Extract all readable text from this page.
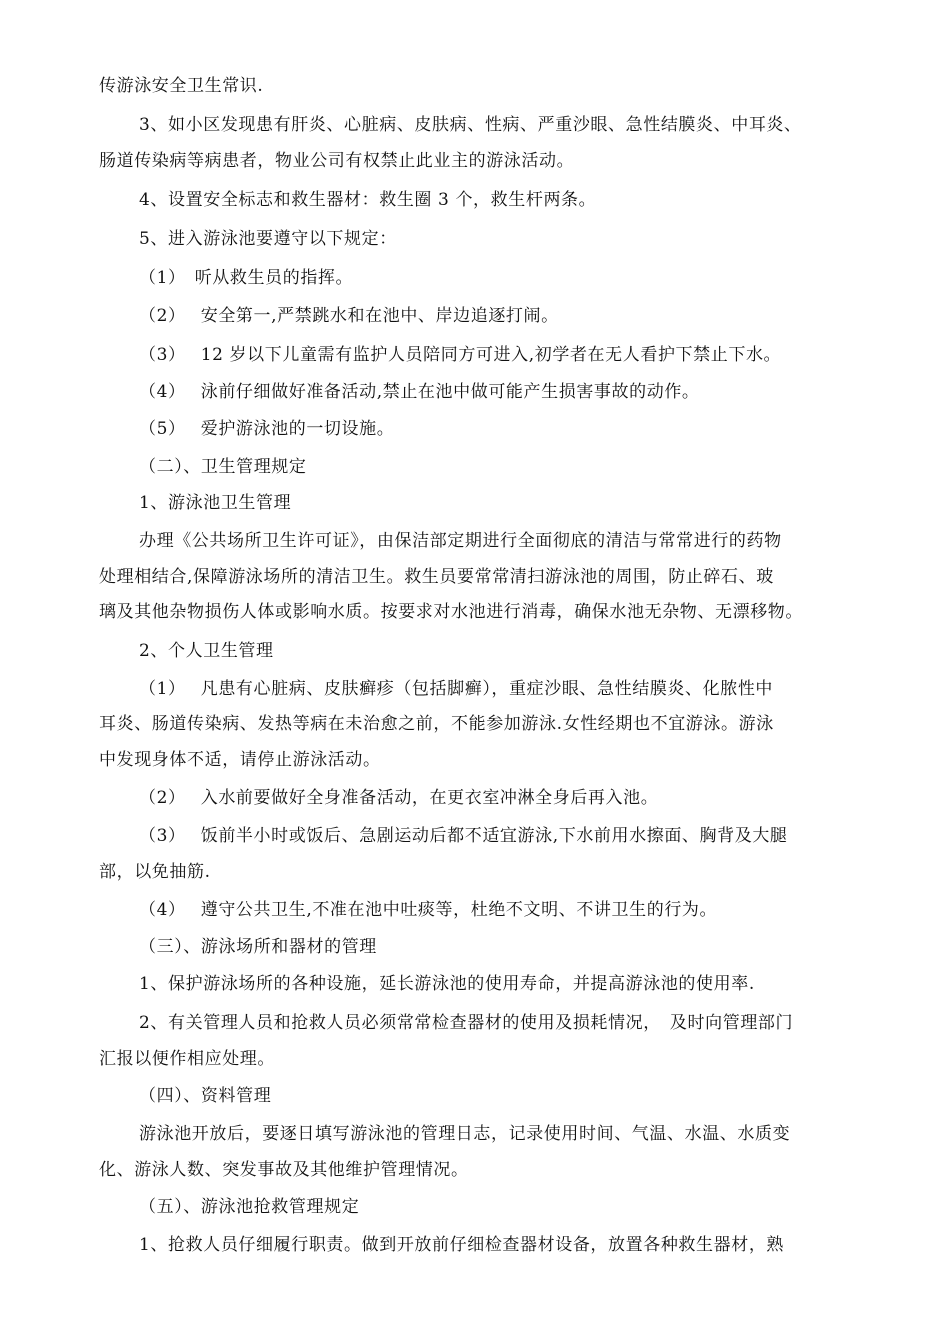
传游泳安全卫生常识.
3、如小区发现患有肝炎、心脏病、皮肤病、性病、严重沙眼、急性结膜炎、中耳炎、
肠道传染病等病患者，物业公司有权禁止此业主的游泳活动。
4、设置安全标志和救生器材：救生圈 3 个，救生杆两条。
5、进入游泳池要遵守以下规定：
（1）　听从救生员的指挥。
（2）　 安全第一,严禁跳水和在池中、岸边追逐打闹。
（3）　 12 岁以下儿童需有监护人员陪同方可进入,初学者在无人看护下禁止下水。
（4）　 泳前仔细做好准备活动,禁止在池中做可能产生损害事故的动作。
（5）　 爱护游泳池的一切设施。
（二）、卫生管理规定
1、游泳池卫生管理
办理《公共场所卫生许可证》，由保洁部定期进行全面彻底的清洁与常常进行的药物
处理相结合,保障游泳场所的清洁卫生。救生员要常常清扫游泳池的周围，防止碎石、玻
璃及其他杂物损伤人体或影响水质。按要求对水池进行消毒，确保水池无杂物、无漂移物。
2、个人卫生管理
（1）　 凡患有心脏病、皮肤癣疹（包括脚癣），重症沙眼、急性结膜炎、化脓性中
耳炎、肠道传染病、发热等病在未治愈之前，不能参加游泳.女性经期也不宜游泳。游泳
中发现身体不适，请停止游泳活动。
（2）　 入水前要做好全身准备活动，在更衣室冲淋全身后再入池。
（3）　 饭前半小时或饭后、急剧运动后都不适宜游泳,下水前用水擦面、胸背及大腿
部，以免抽筋.
（4）　 遵守公共卫生,不准在池中吐痰等，杜绝不文明、不讲卫生的行为。
（三）、游泳场所和器材的管理
1、保护游泳场所的各种设施，延长游泳池的使用寿命，并提高游泳池的使用率.
2、有关管理人员和抢救人员必须常常检查器材的使用及损耗情况，　及时向管理部门
汇报以便作相应处理。
（四）、资料管理
游泳池开放后，要逐日填写游泳池的管理日志，记录使用时间、气温、水温、水质变
化、游泳人数、突发事故及其他维护管理情况。
（五）、游泳池抢救管理规定
1、抢救人员仔细履行职责。做到开放前仔细检查器材设备，放置各种救生器材，熟
